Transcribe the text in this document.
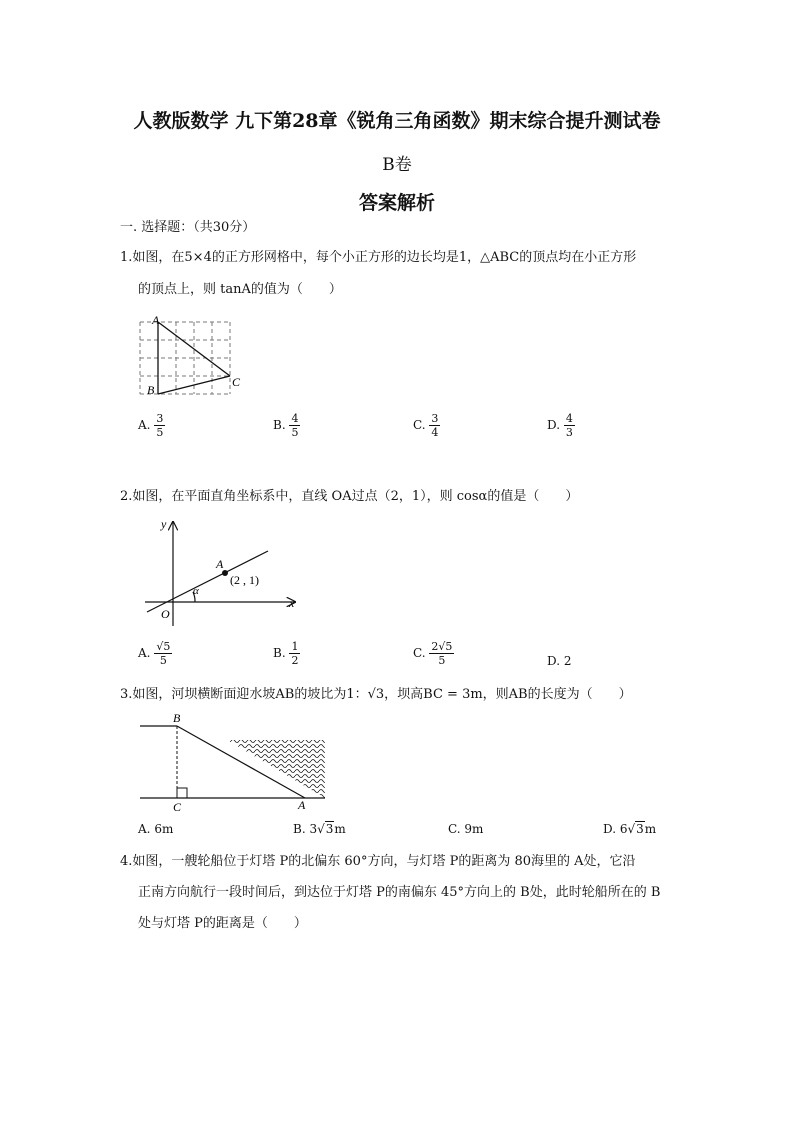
人教版数学 九下第28章《锐角三角函数》期末综合提升测试卷
B卷
答案解析
一. 选择题：（共30分）
1.如图，在5×4的正方形网格中，每个小正方形的边长均是1，△ABC的顶点均在小正方形
的顶点上，则 tanA的值为（　　）
A
B
C
A. $\frac{3}{5}$	B. $\frac{4}{5}$	C. $\frac{3}{4}$	D. $\frac{4}{3}$
2.如图，在平面直角坐标系中，直线 OA过点（2，1），则 cosα的值是（　　）
y
x
O
A
α
(2 , 1)
A. $\frac{√5}{5}$	B. $\frac{1}{2}$	C. $\frac{2√5}{5}$	D. 2
3.如图，河坝横断面迎水坡AB的坡比为1：√3，坝高BC = 3m，则AB的长度为（　　）
B
C	A
A. 6m	B. 3√3m	C. 9m	D. 6√3m
4.如图，一艘轮船位于灯塔 P的北偏东 60°方向，与灯塔 P的距离为 80海里的 A处，它沿
正南方向航行一段时间后，到达位于灯塔 P的南偏东 45°方向上的 B处，此时轮船所在的 B
处与灯塔 P的距离是（　　）
